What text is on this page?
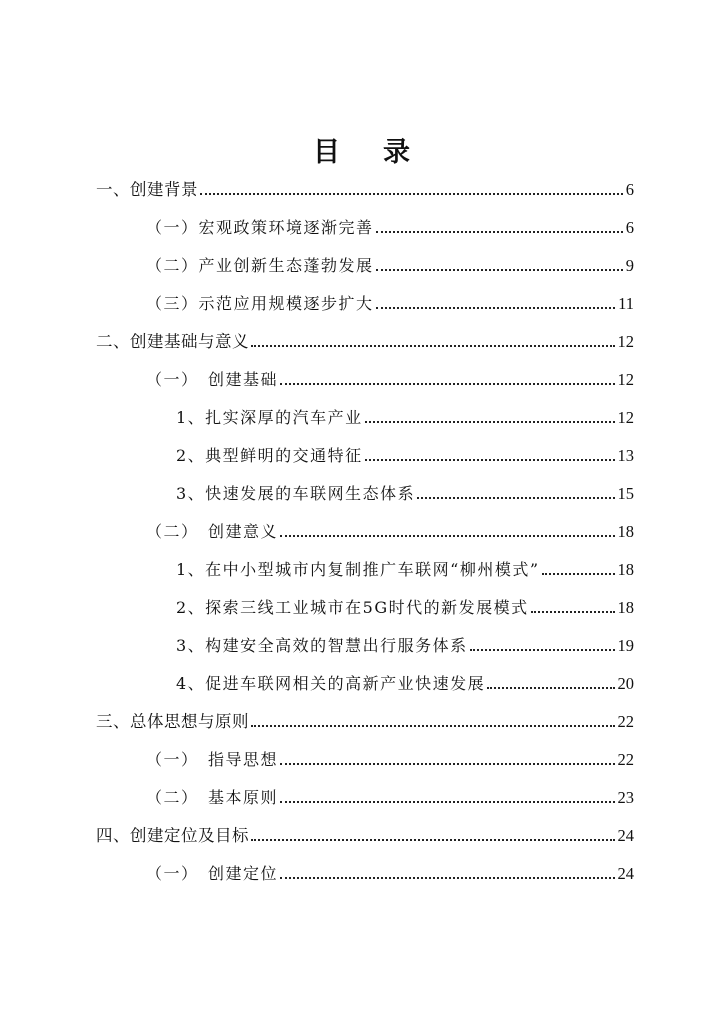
目 录
一、创建背景	6
（一）宏观政策环境逐渐完善	6
（二）产业创新生态蓬勃发展	9
（三）示范应用规模逐步扩大	11
二、创建基础与意义	12
（一）　创建基础	12
1、扎实深厚的汽车产业	12
2、典型鲜明的交通特征	13
3、快速发展的车联网生态体系	15
（二）　创建意义	18
1、在中小型城市内复制推广车联网“柳州模式”	18
2、探索三线工业城市在5G时代的新发展模式	18
3、构建安全高效的智慧出行服务体系	19
4、促进车联网相关的高新产业快速发展	20
三、总体思想与原则	22
（一）　指导思想	22
（二）　基本原则	23
四、创建定位及目标	24
（一）　创建定位	24
